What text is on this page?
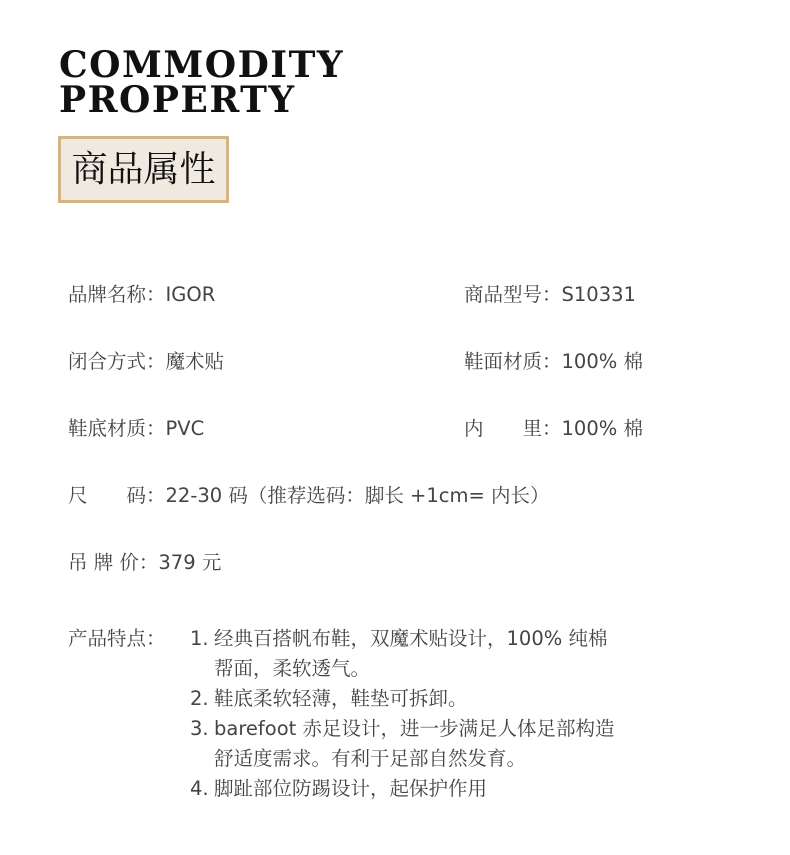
COMMODITY
PROPERTY
商品属性
品牌名称：IGOR	商品型号：S10331
闭合方式：魔术贴	鞋面材质：100% 棉
鞋底材质：PVC	内　　里：100% 棉
尺　　码：22-30 码（推荐选码：脚长 +1cm= 内长）
吊 牌 价：379 元
产品特点： 1. 经典百搭帆布鞋，双魔术贴设计，100% 纯棉
帮面，柔软透气。
2. 鞋底柔软轻薄，鞋垫可拆卸。
3. barefoot 赤足设计，进一步满足人体足部构造
舒适度需求。有利于足部自然发育。
4. 脚趾部位防踢设计，起保护作用
